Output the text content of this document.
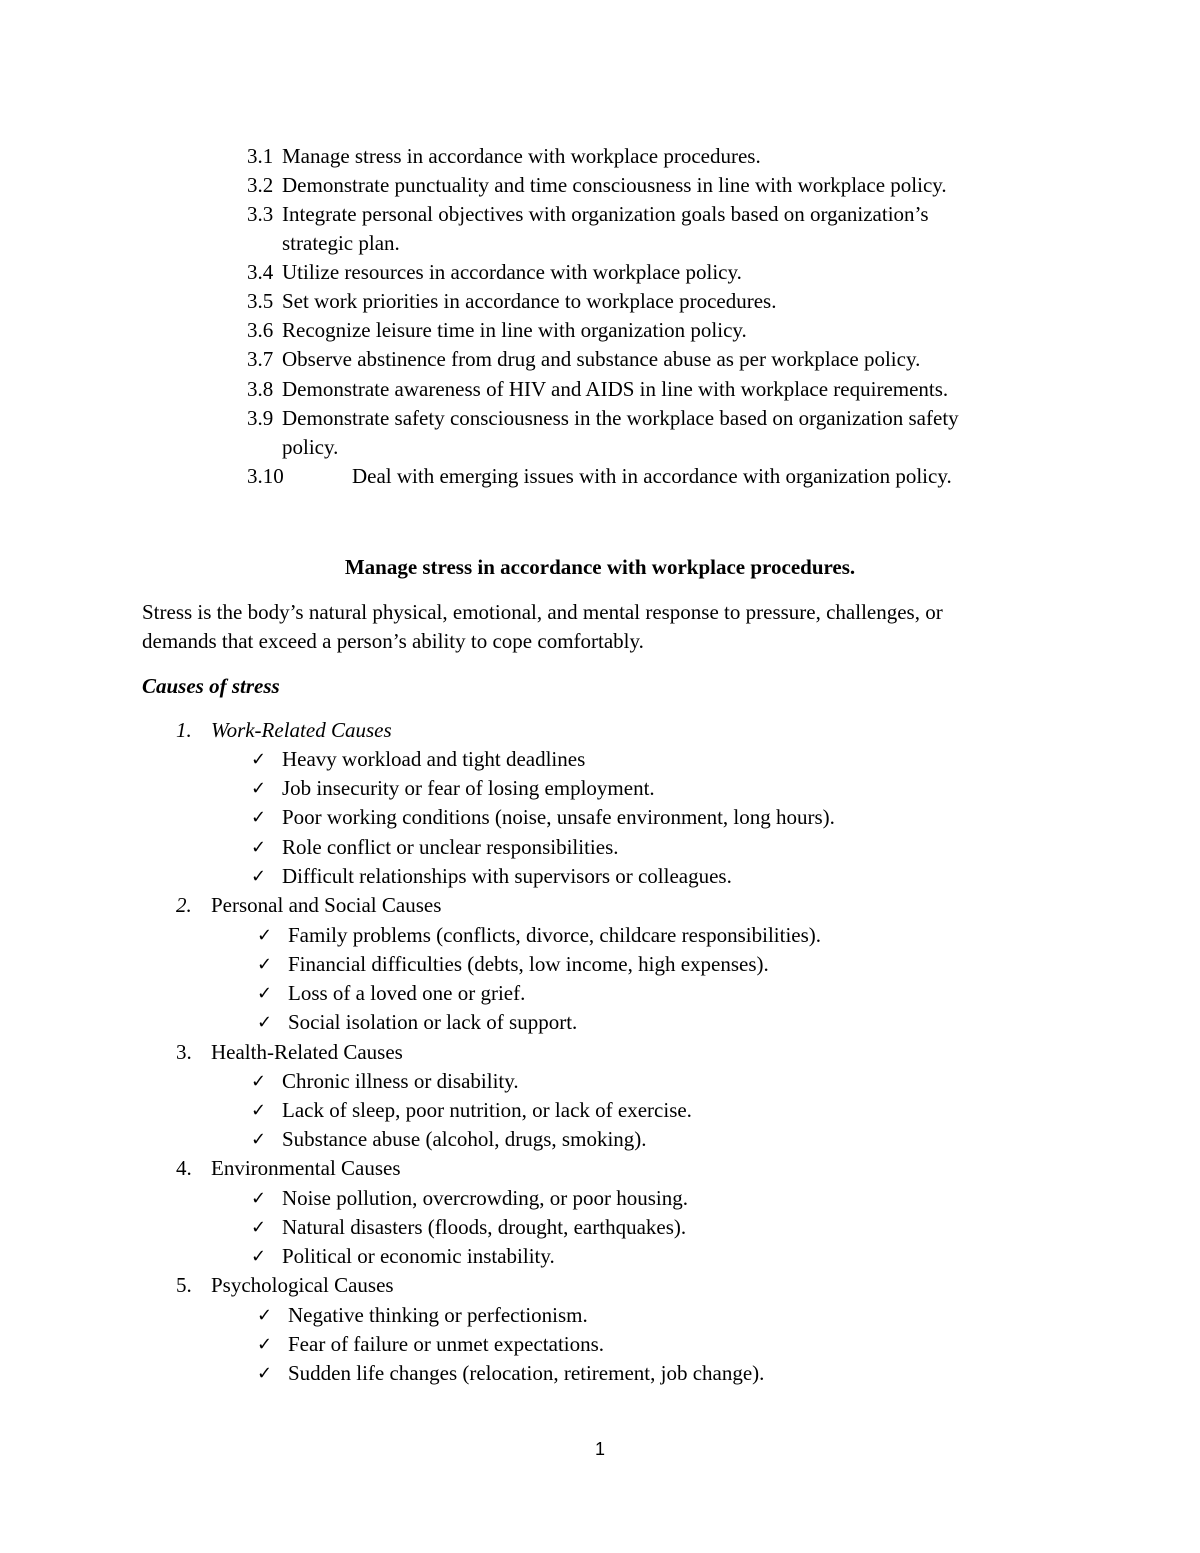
3.1 Manage stress in accordance with workplace procedures.
3.2 Demonstrate punctuality and time consciousness in line with workplace policy.
3.3 Integrate personal objectives with organization goals based on organization’s
strategic plan.
3.4 Utilize resources in accordance with workplace policy.
3.5 Set work priorities in accordance to workplace procedures.
3.6 Recognize leisure time in line with organization policy.
3.7 Observe abstinence from drug and substance abuse as per workplace policy.
3.8 Demonstrate awareness of HIV and AIDS in line with workplace requirements.
3.9 Demonstrate safety consciousness in the workplace based on organization safety
policy.
3.10	Deal with emerging issues with in accordance with organization policy.
Manage stress in accordance with workplace procedures.
Stress is the body’s natural physical, emotional, and mental response to pressure, challenges, or
demands that exceed a person’s ability to cope comfortably.
Causes of stress
1. Work-Related Causes
✓ Heavy workload and tight deadlines
✓ Job insecurity or fear of losing employment.
✓ Poor working conditions (noise, unsafe environment, long hours).
✓ Role conflict or unclear responsibilities.
✓ Difficult relationships with supervisors or colleagues.
2. Personal and Social Causes
✓ Family problems (conflicts, divorce, childcare responsibilities).
✓ Financial difficulties (debts, low income, high expenses).
✓ Loss of a loved one or grief.
✓ Social isolation or lack of support.
3. Health-Related Causes
✓ Chronic illness or disability.
✓ Lack of sleep, poor nutrition, or lack of exercise.
✓ Substance abuse (alcohol, drugs, smoking).
4. Environmental Causes
✓ Noise pollution, overcrowding, or poor housing.
✓ Natural disasters (floods, drought, earthquakes).
✓ Political or economic instability.
5. Psychological Causes
✓ Negative thinking or perfectionism.
✓ Fear of failure or unmet expectations.
✓ Sudden life changes (relocation, retirement, job change).
1
